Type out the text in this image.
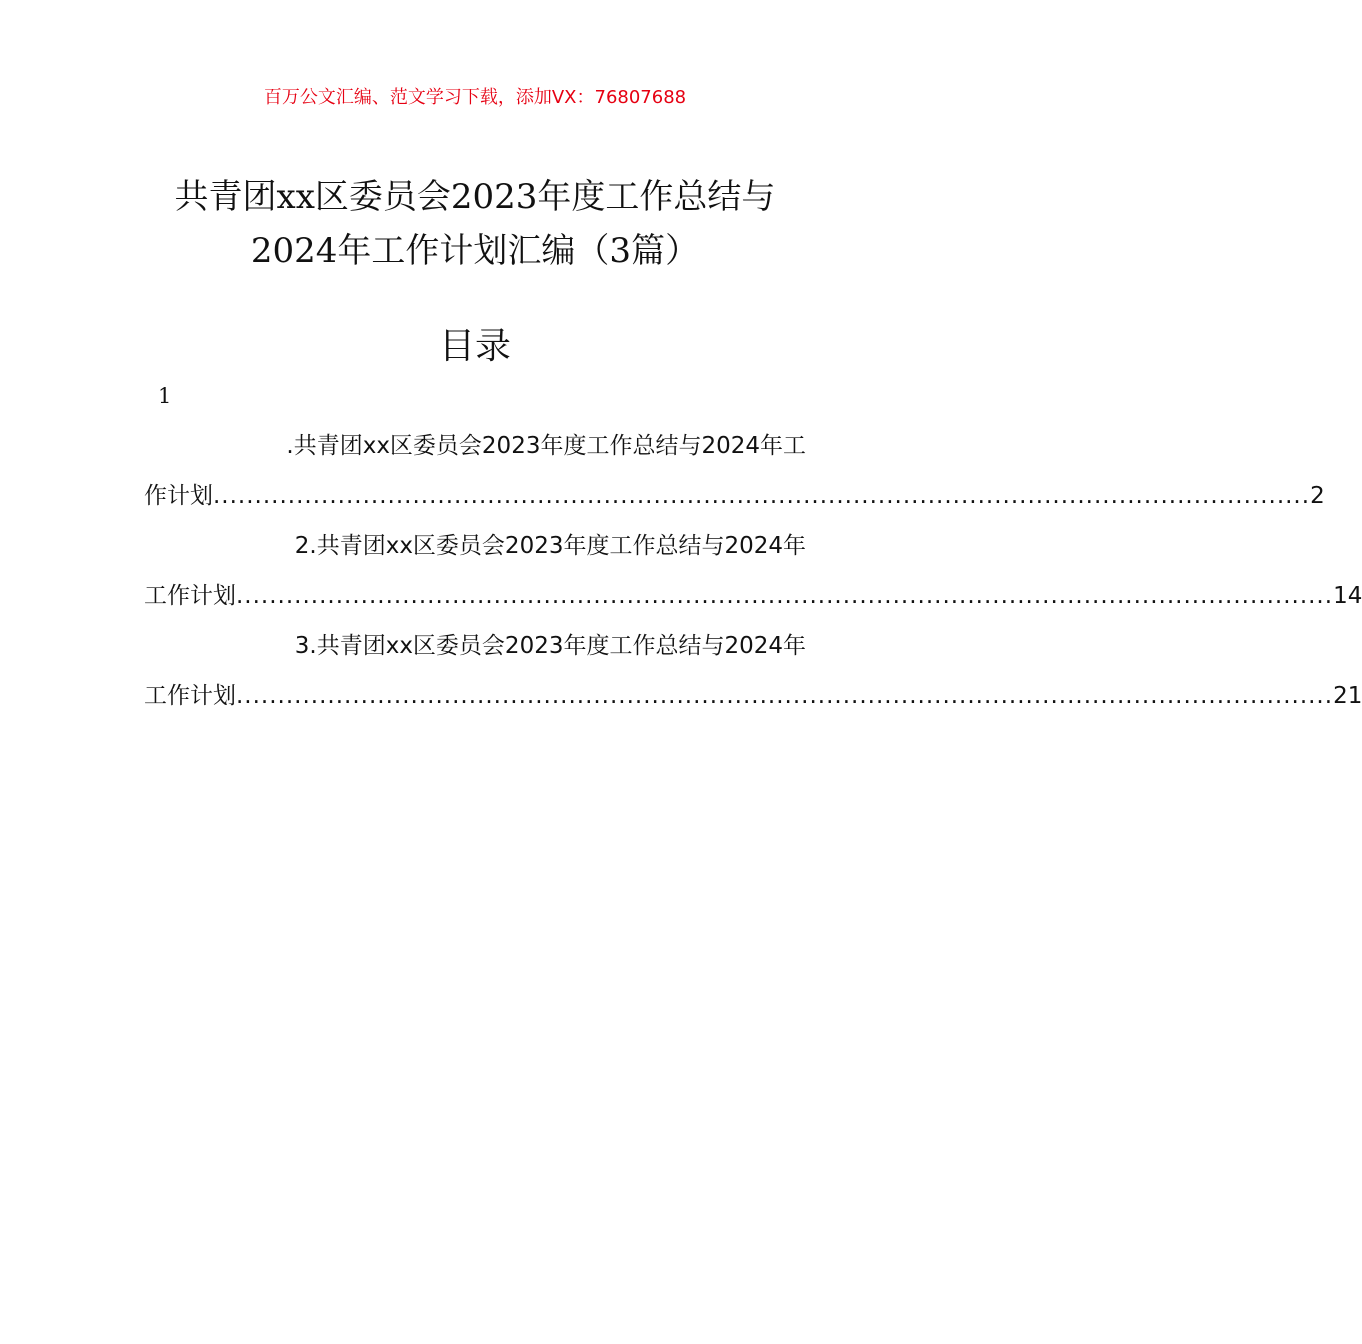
百万公文汇编、范文学习下载，添加VX：76807688
共青团xx区委员会2023年度工作总结与
2024年工作计划汇编（3篇）
目录
1
.共青团xx区委员会2023年度工作总结与2024年工
作计划 .................................................................................................................................... 2
2.共青团xx区委员会2023年度工作总结与2024年
工作计划 .................................................................................................................................... 14
3.共青团xx区委员会2023年度工作总结与2024年
工作计划 .................................................................................................................................... 21
